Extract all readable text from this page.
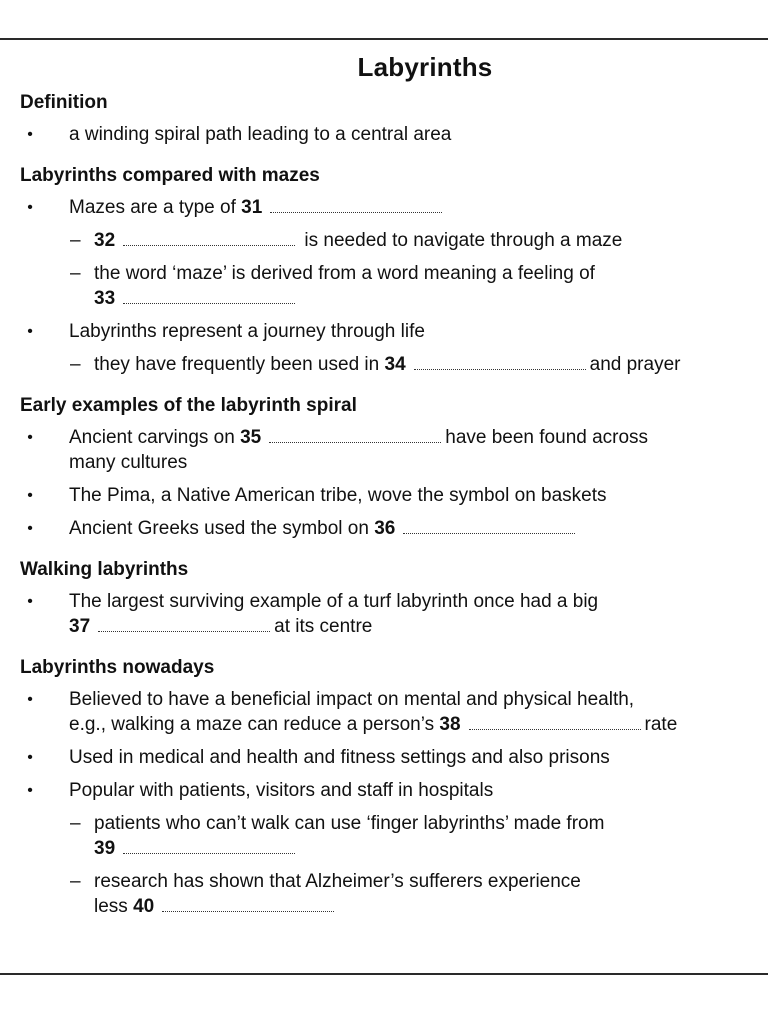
Labyrinths
Definition
•	a winding spiral path leading to a central area
Labyrinths compared with mazes
•	Mazes are a type of 31
– 32	is needed to navigate through a maze
– the word ‘maze’ is derived from a word meaning a feeling of
33
•	Labyrinths represent a journey through life
– they have frequently been used in 34	and prayer
Early examples of the labyrinth spiral
•	Ancient carvings on 35	have been found across
many cultures
•	The Pima, a Native American tribe, wove the symbol on baskets
•	Ancient Greeks used the symbol on 36
Walking labyrinths
•	The largest surviving example of a turf labyrinth once had a big
37	at its centre
Labyrinths nowadays
•	Believed to have a beneficial impact on mental and physical health,
e.g., walking a maze can reduce a person’s 38	rate
•	Used in medical and health and fitness settings and also prisons
•	Popular with patients, visitors and staff in hospitals
– patients who can’t walk can use ‘finger labyrinths’ made from
39
– research has shown that Alzheimer’s sufferers experience
less 40
